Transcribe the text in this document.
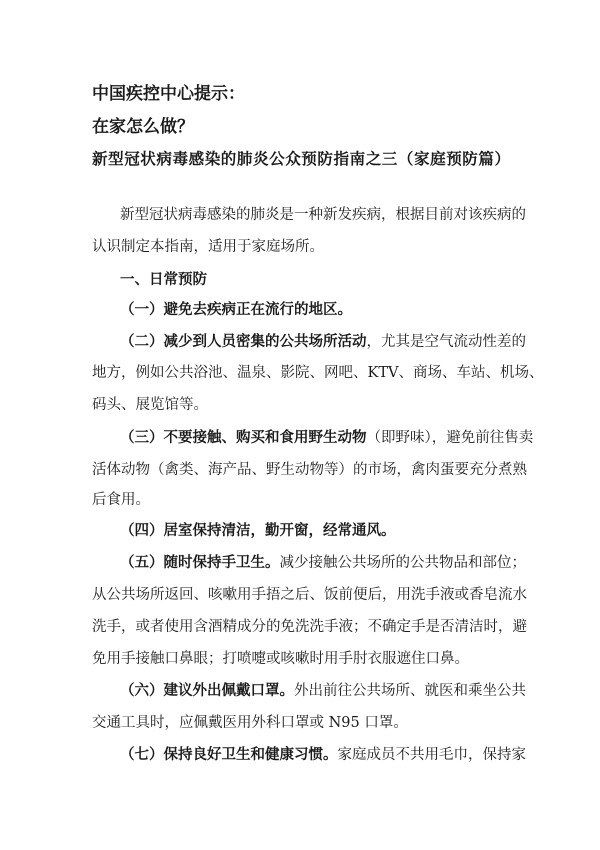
中国疾控中心提示：
在家怎么做？
新型冠状病毒感染的肺炎公众预防指南之三（家庭预防篇）
新型冠状病毒感染的肺炎是一种新发疾病，根据目前对该疾病的
认识制定本指南，适用于家庭场所。
一、日常预防
（一）避免去疾病正在流行的地区。
（二）减少到人员密集的公共场所活动，尤其是空气流动性差的
地方，例如公共浴池、温泉、影院、网吧、KTV、商场、车站、机场、
码头、展览馆等。
（三）不要接触、购买和食用野生动物（即野味），避免前往售卖
活体动物（禽类、海产品、野生动物等）的市场，禽肉蛋要充分煮熟
后食用。
（四）居室保持清洁，勤开窗，经常通风。
（五）随时保持手卫生。减少接触公共场所的公共物品和部位；
从公共场所返回、咳嗽用手捂之后、饭前便后，用洗手液或香皂流水
洗手，或者使用含酒精成分的免洗洗手液；不确定手是否清洁时，避
免用手接触口鼻眼；打喷嚏或咳嗽时用手肘衣服遮住口鼻。
（六）建议外出佩戴口罩。外出前往公共场所、就医和乘坐公共
交通工具时，应佩戴医用外科口罩或 N95 口罩。
（七）保持良好卫生和健康习惯。家庭成员不共用毛巾，保持家
